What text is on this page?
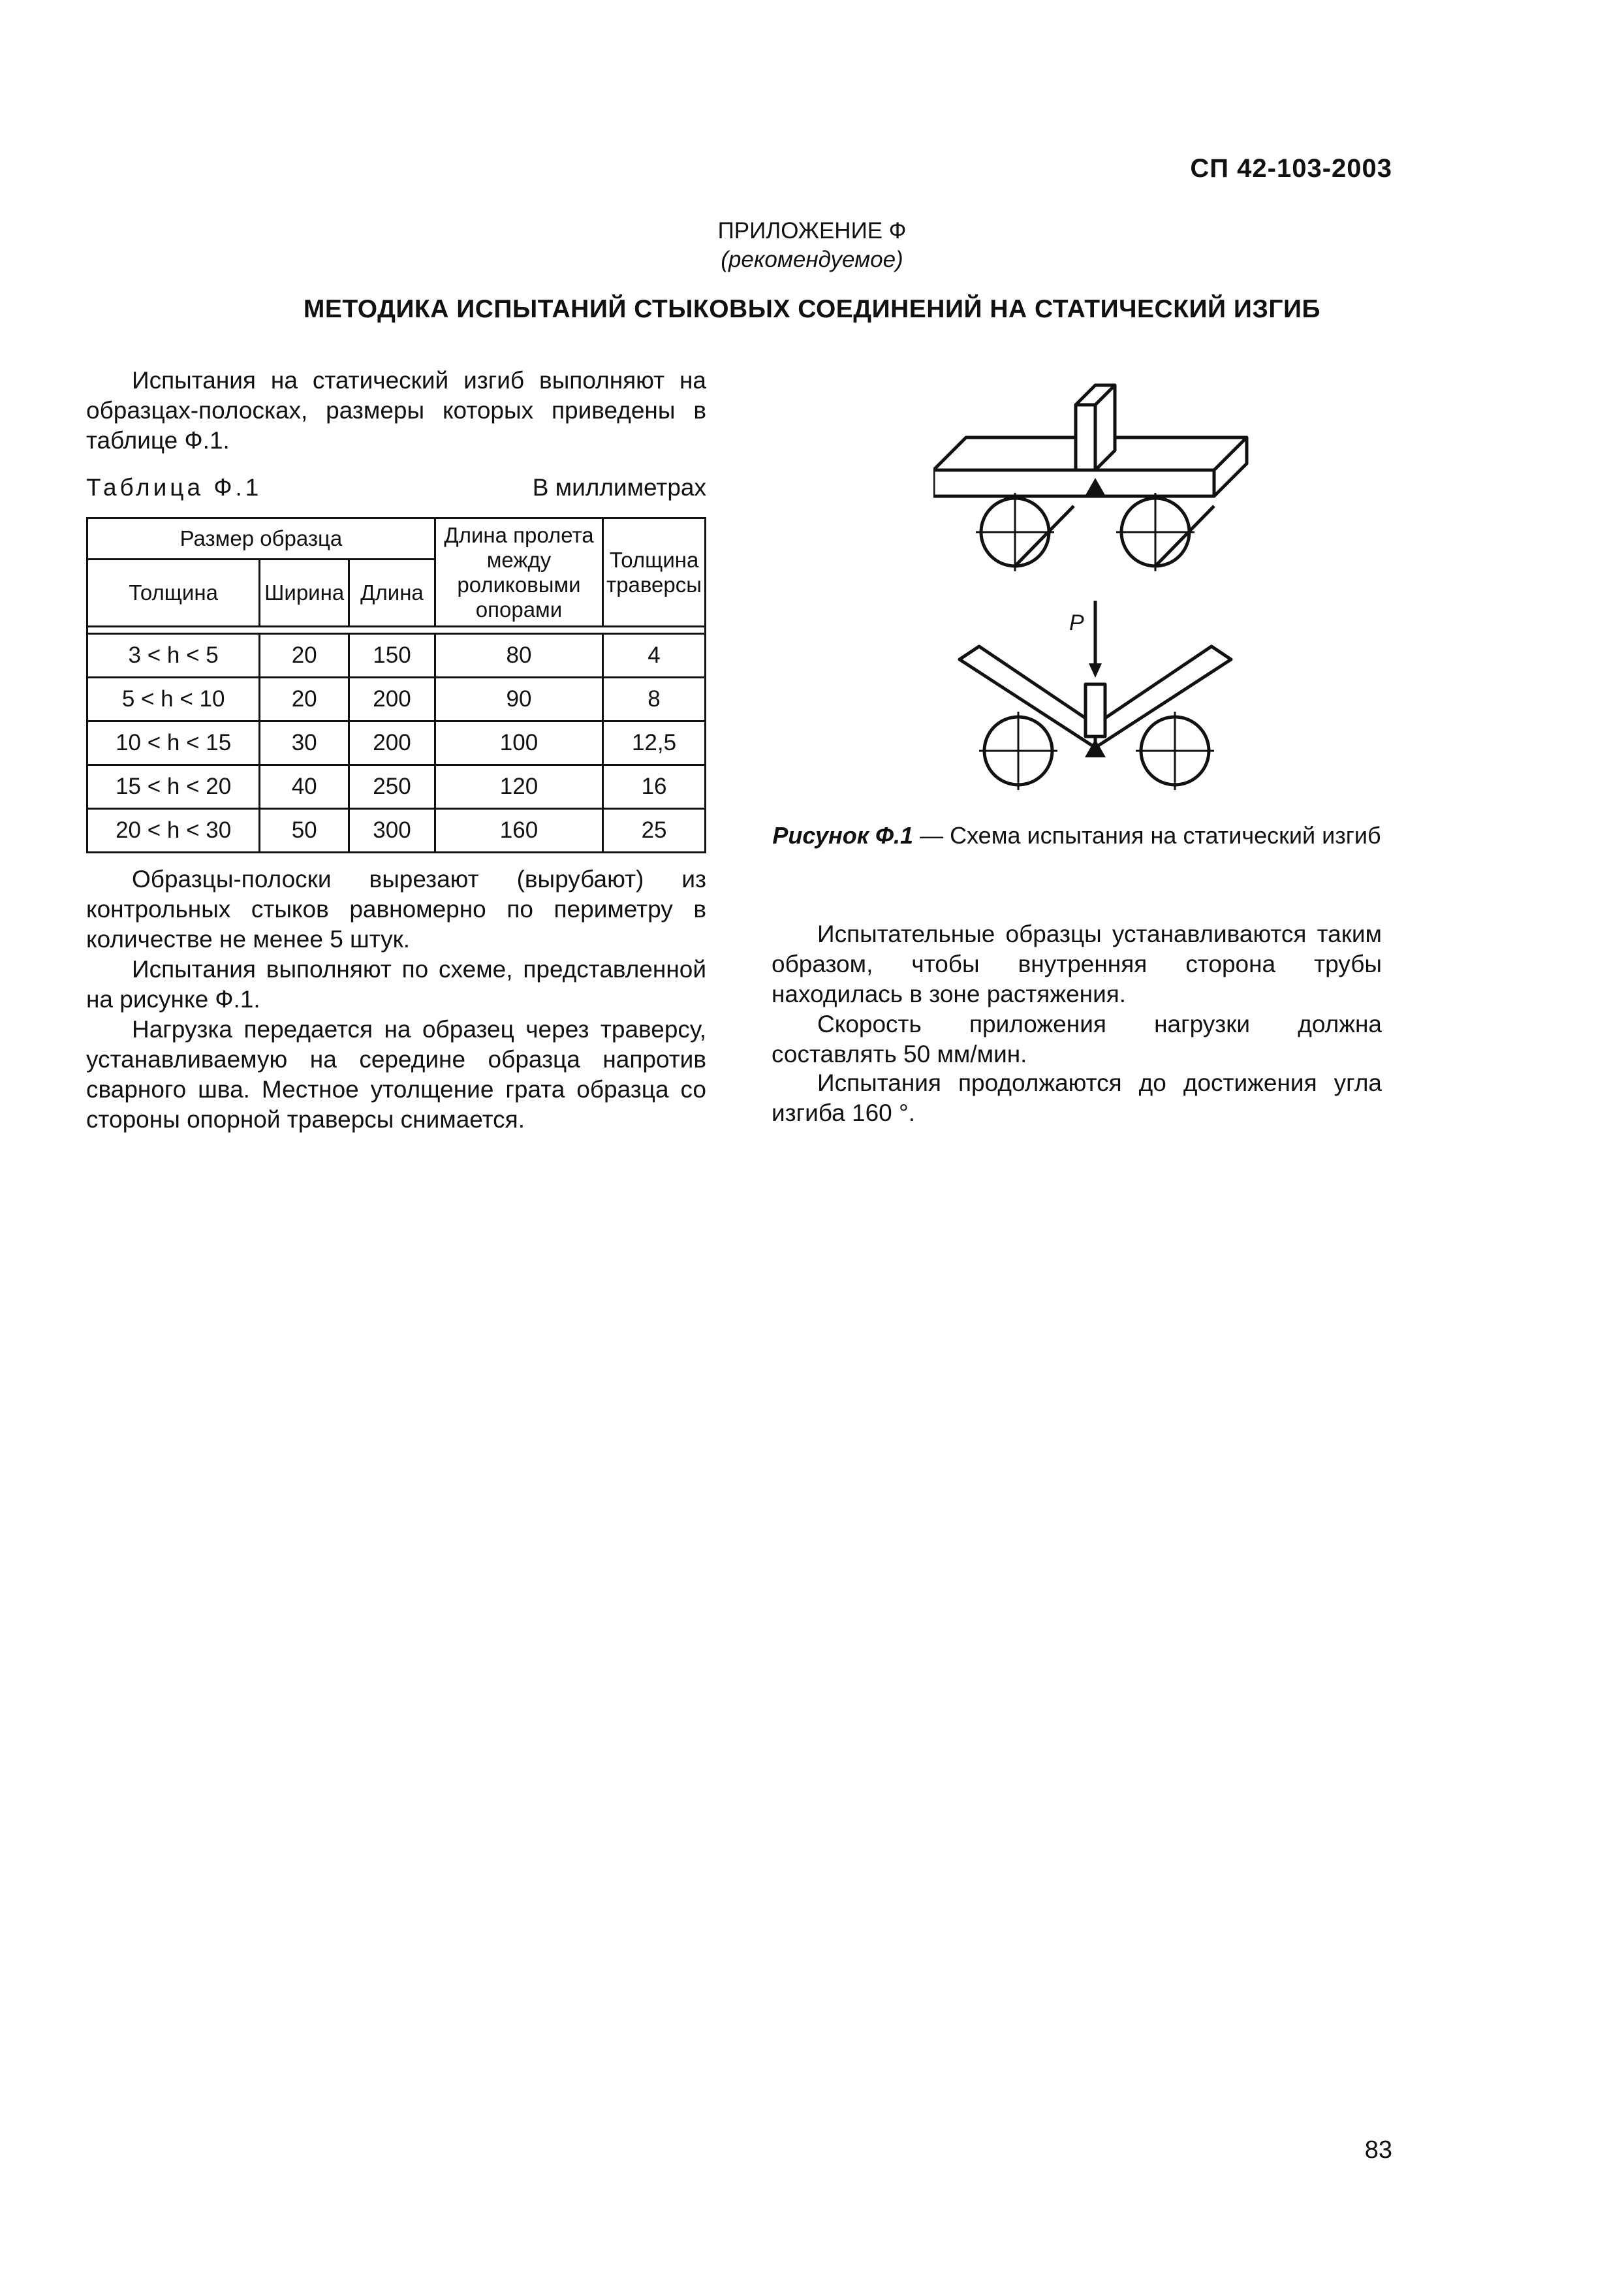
СП 42-103-2003
ПРИЛОЖЕНИЕ Ф
(рекомендуемое)
МЕТОДИКА ИСПЫТАНИЙ СТЫКОВЫХ СОЕДИНЕНИЙ НА СТАТИЧЕСКИЙ ИЗГИБ

Испытания на статический изгиб выполняют на образцах-полосках, размеры которых приведены в таблице Ф.1.

Таблица Ф.1	В миллиметрах
Размер образца			Длина пролета между роликовыми опорами	Толщина траверсы
Толщина	Ширина	Длина		

3 < h < 5	20	150	80	4
5 < h < 10	20	200	90	8
10 < h < 15	30	200	100	12,5
15 < h < 20	40	250	120	16
20 < h < 30	50	300	160	25

Образцы-полоски вырезают (вырубают) из контрольных стыков равномерно по периметру в количестве не менее 5 штук.

Испытания выполняют по схеме, представленной на рисунке Ф.1.

Нагрузка передается на образец через траверсу, устанавливаемую на середине образца напротив сварного шва. Местное утолщение грата образца со стороны опорной траверсы снимается.

P
Рисунок Ф.1 — Схема испытания на статический изгиб

Испытательные образцы устанавливаются таким образом, чтобы внутренняя сторона трубы находилась в зоне растяжения.

Скорость приложения нагрузки должна составлять 50 мм/мин.

Испытания продолжаются до достижения угла изгиба 160 °.

83
